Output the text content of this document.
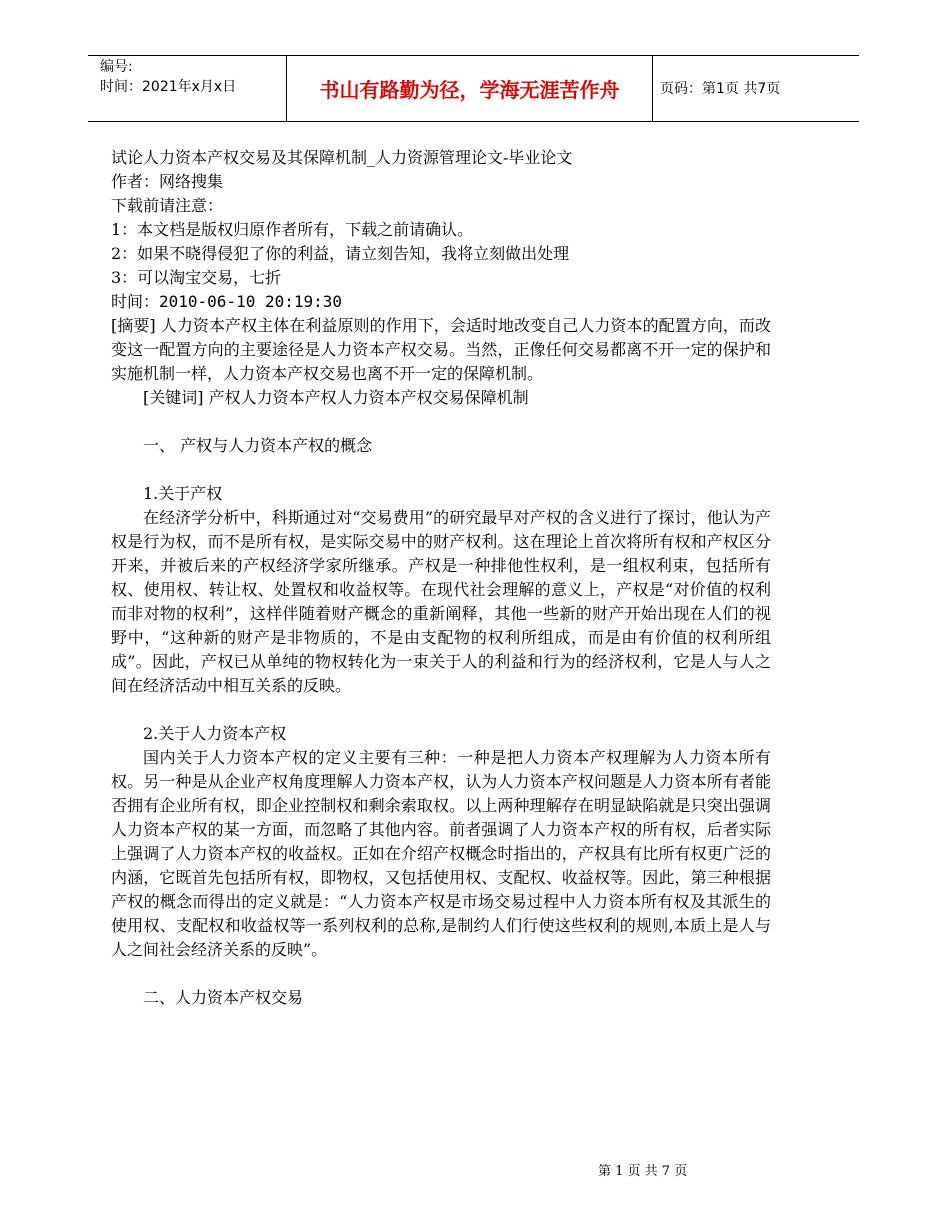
编号:
时间：2021年x月x日	书山有路勤为径，学海无涯苦作舟	页码：第1页 共7页

试论人力资本产权交易及其保障机制_人力资源管理论文-毕业论文

作者：网络搜集

下载前请注意：

1：本文档是版权归原作者所有，下载之前请确认。

2：如果不晓得侵犯了你的利益，请立刻告知，我将立刻做出处理

3：可以淘宝交易，七折

时间：2010-06-10 20:19:30

[摘要] 人力资本产权主体在利益原则的作用下，会适时地改变自己人力资本的配置方向，而改变这一配置方向的主要途径是人力资本产权交易。当然，正像任何交易都离不开一定的保护和实施机制一样，人力资本产权交易也离不开一定的保障机制。

[关键词] 产权人力资本产权人力资本产权交易保障机制

一、 产权与人力资本产权的概念

1.关于产权

在经济学分析中，科斯通过对“交易费用”的研究最早对产权的含义进行了探讨，他认为产权是行为权，而不是所有权，是实际交易中的财产权利。这在理论上首次将所有权和产权区分开来，并被后来的产权经济学家所继承。产权是一种排他性权利，是一组权利束，包括所有权、使用权、转让权、处置权和收益权等。在现代社会理解的意义上，产权是“对价值的权利而非对物的权利”，这样伴随着财产概念的重新阐释，其他一些新的财产开始出现在人们的视野中，“这种新的财产是非物质的，不是由支配物的权利所组成，而是由有价值的权利所组成”。因此，产权已从单纯的物权转化为一束关于人的利益和行为的经济权利，它是人与人之间在经济活动中相互关系的反映。

2.关于人力资本产权

国内关于人力资本产权的定义主要有三种：一种是把人力资本产权理解为人力资本所有权。另一种是从企业产权角度理解人力资本产权，认为人力资本产权问题是人力资本所有者能否拥有企业所有权，即企业控制权和剩余索取权。以上两种理解存在明显缺陷就是只突出强调人力资本产权的某一方面，而忽略了其他内容。前者强调了人力资本产权的所有权，后者实际上强调了人力资本产权的收益权。正如在介绍产权概念时指出的，产权具有比所有权更广泛的内涵，它既首先包括所有权，即物权，又包括使用权、支配权、收益权等。因此，第三种根据产权的概念而得出的定义就是：“人力资本产权是市场交易过程中人力资本所有权及其派生的使用权、支配权和收益权等一系列权利的总称,是制约人们行使这些权利的规则,本质上是人与人之间社会经济关系的反映”。

二、人力资本产权交易

第 1 页 共 7 页
